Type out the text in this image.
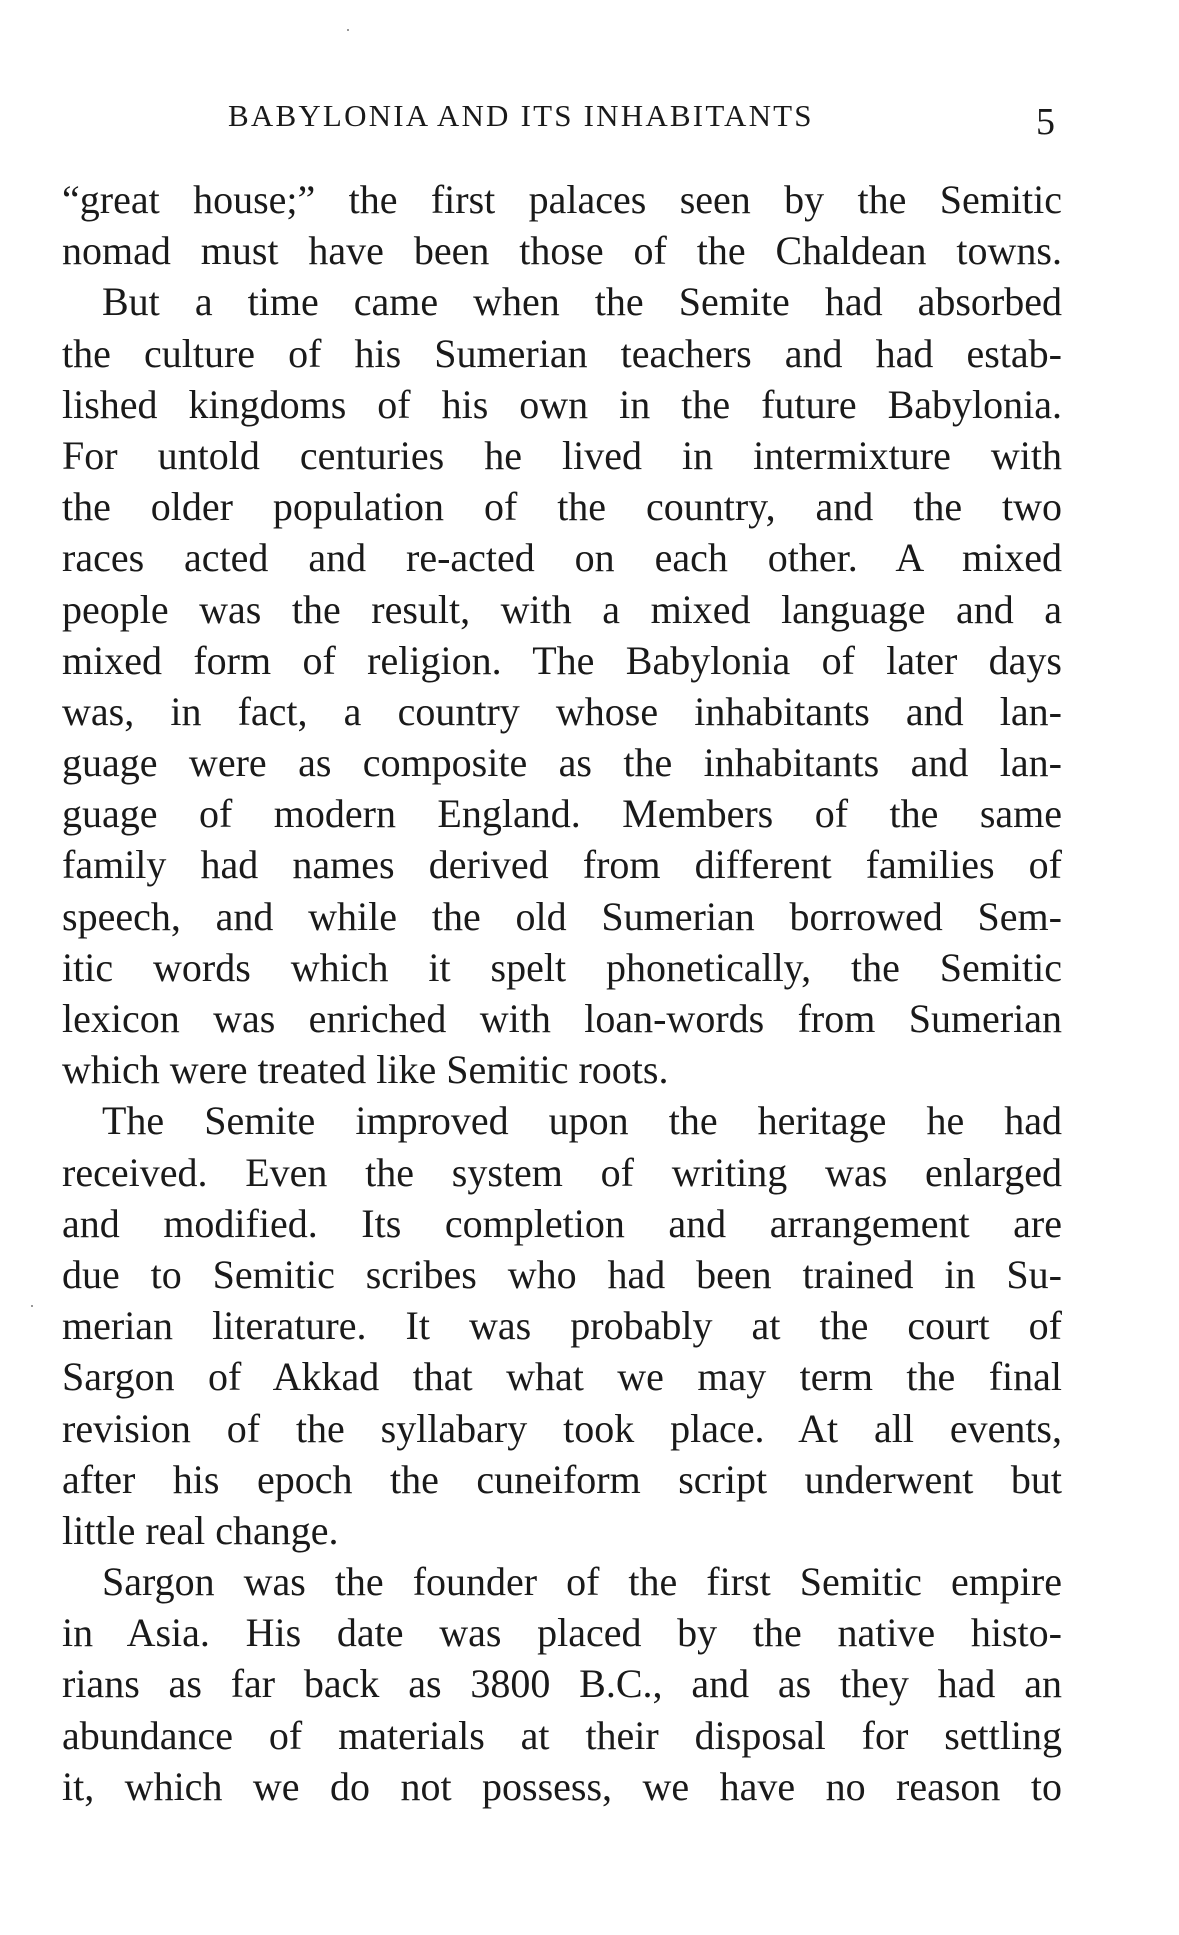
BABYLONIA AND ITS INHABITANTS	5
“great house;” the first palaces seen by the Semitic
nomad must have been those of the Chaldean towns.
But a time came when the Semite had absorbed
the culture of his Sumerian teachers and had estab-
lished kingdoms of his own in the future Babylonia.
For untold centuries he lived in intermixture with
the older population of the country, and the two
races acted and re-acted on each other. A mixed
people was the result, with a mixed language and a
mixed form of religion. The Babylonia of later days
was, in fact, a country whose inhabitants and lan-
guage were as composite as the inhabitants and lan-
guage of modern England. Members of the same
family had names derived from different families of
speech, and while the old Sumerian borrowed Sem-
itic words which it spelt phonetically, the Semitic
lexicon was enriched with loan-words from Sumerian
which were treated like Semitic roots.
The Semite improved upon the heritage he had
received. Even the system of writing was enlarged
and modified. Its completion and arrangement are
due to Semitic scribes who had been trained in Su-
merian literature. It was probably at the court of
Sargon of Akkad that what we may term the final
revision of the syllabary took place. At all events,
after his epoch the cuneiform script underwent but
little real change.
Sargon was the founder of the first Semitic empire
in Asia. His date was placed by the native histo-
rians as far back as 3800 B.C., and as they had an
abundance of materials at their disposal for settling
it, which we do not possess, we have no reason to
